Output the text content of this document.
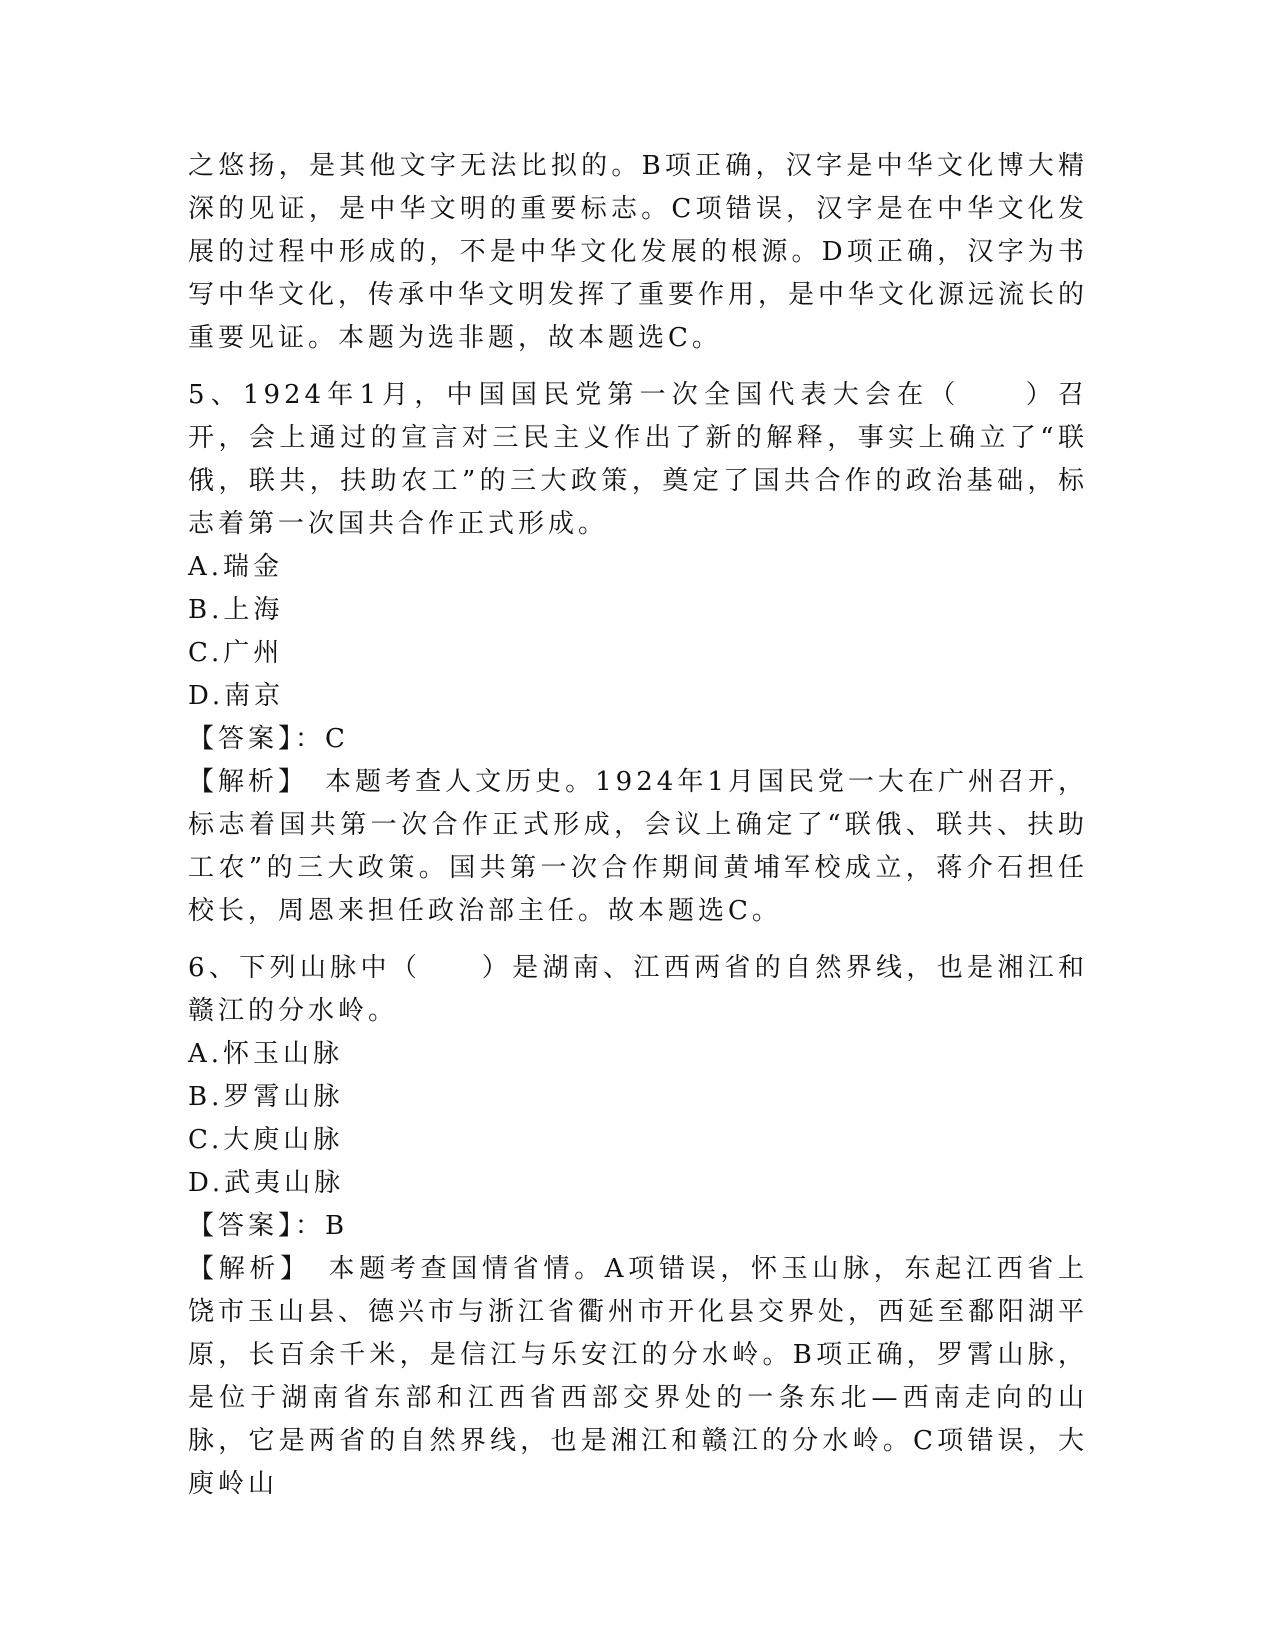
之悠扬，是其他文字无法比拟的。B项正确，汉字是中华文化博大精深的见证，是中华文明的重要标志。C项错误，汉字是在中华文化发展的过程中形成的，不是中华文化发展的根源。D项正确，汉字为书写中华文化，传承中华文明发挥了重要作用，是中华文化源远流长的重要见证。本题为选非题，故本题选C。

5、1924年1月，中国国民党第一次全国代表大会在（　　）召开，会上通过的宣言对三民主义作出了新的解释，事实上确立了“联俄，联共，扶助农工”的三大政策，奠定了国共合作的政治基础，标志着第一次国共合作正式形成。

A.瑞金

B.上海

C.广州

D.南京

【答案】：C

【解析】　本题考查人文历史。1924年1月国民党一大在广州召开，标志着国共第一次合作正式形成，会议上确定了“联俄、联共、扶助工农”的三大政策。国共第一次合作期间黄埔军校成立，蒋介石担任校长，周恩来担任政治部主任。故本题选C。

6、下列山脉中（　　）是湖南、江西两省的自然界线，也是湘江和赣江的分水岭。

A.怀玉山脉

B.罗霄山脉

C.大庾山脉

D.武夷山脉

【答案】：B

【解析】　本题考查国情省情。A项错误，怀玉山脉，东起江西省上饶市玉山县、德兴市与浙江省衢州市开化县交界处，西延至鄱阳湖平原，长百余千米，是信江与乐安江的分水岭。B项正确，罗霄山脉，是位于湖南省东部和江西省西部交界处的一条东北—西南走向的山脉，它是两省的自然界线，也是湘江和赣江的分水岭。C项错误，大庾岭山
